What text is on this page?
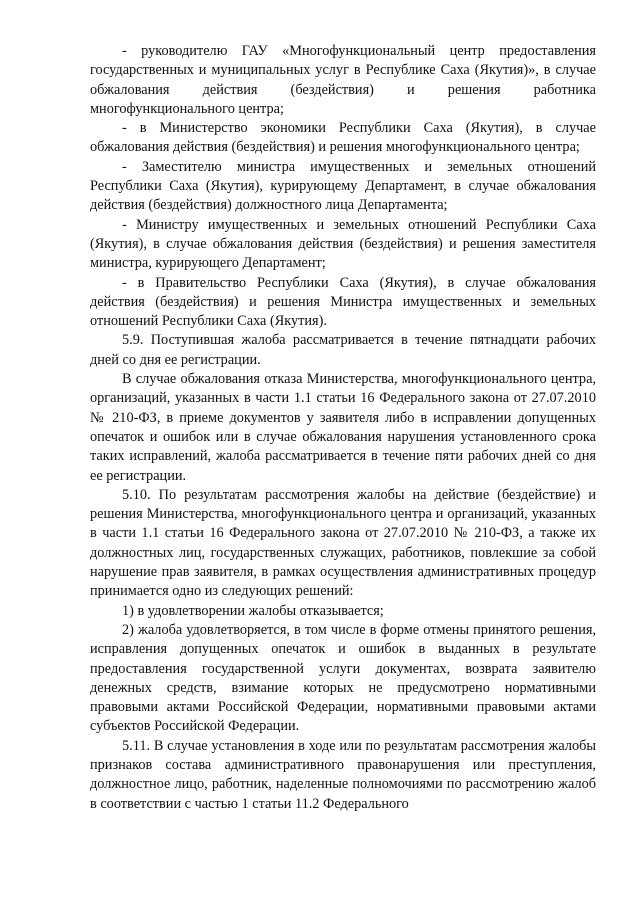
- руководителю ГАУ «Многофункциональный центр предоставления государственных и муниципальных услуг в Республике Саха (Якутия)», в случае обжалования действия (бездействия) и решения работника многофункционального центра;

- в Министерство экономики Республики Саха (Якутия), в случае обжалования действия (бездействия) и решения многофункционального центра;

- Заместителю министра имущественных и земельных отношений Республики Саха (Якутия), курирующему Департамент, в случае обжалования действия (бездействия) должностного лица Департамента;

- Министру имущественных и земельных отношений Республики Саха (Якутия), в случае обжалования действия (бездействия) и решения заместителя министра, курирующего Департамент;

- в Правительство Республики Саха (Якутия), в случае обжалования действия (бездействия) и решения Министра имущественных и земельных отношений Республики Саха (Якутия).

5.9. Поступившая жалоба рассматривается в течение пятнадцати рабочих дней со дня ее регистрации.

В случае обжалования отказа Министерства, многофункционального центра, организаций, указанных в части 1.1 статьи 16 Федерального закона от 27.07.2010 № 210-ФЗ, в приеме документов у заявителя либо в исправлении допущенных опечаток и ошибок или в случае обжалования нарушения установленного срока таких исправлений, жалоба рассматривается в течение пяти рабочих дней со дня ее регистрации.

5.10. По результатам рассмотрения жалобы на действие (бездействие) и решения Министерства, многофункционального центра и организаций, указанных в части 1.1 статьи 16 Федерального закона от 27.07.2010 № 210-ФЗ, а также их должностных лиц, государственных служащих, работников, повлекшие за собой нарушение прав заявителя, в рамках осуществления административных процедур принимается одно из следующих решений:

1) в удовлетворении жалобы отказывается;

2) жалоба удовлетворяется, в том числе в форме отмены принятого решения, исправления допущенных опечаток и ошибок в выданных в результате предоставления государственной услуги документах, возврата заявителю денежных средств, взимание которых не предусмотрено нормативными правовыми актами Российской Федерации, нормативными правовыми актами субъектов Российской Федерации.

5.11. В случае установления в ходе или по результатам рассмотрения жалобы признаков состава административного правонарушения или преступления, должностное лицо, работник, наделенные полномочиями по рассмотрению жалоб в соответствии с частью 1 статьи 11.2 Федерального
